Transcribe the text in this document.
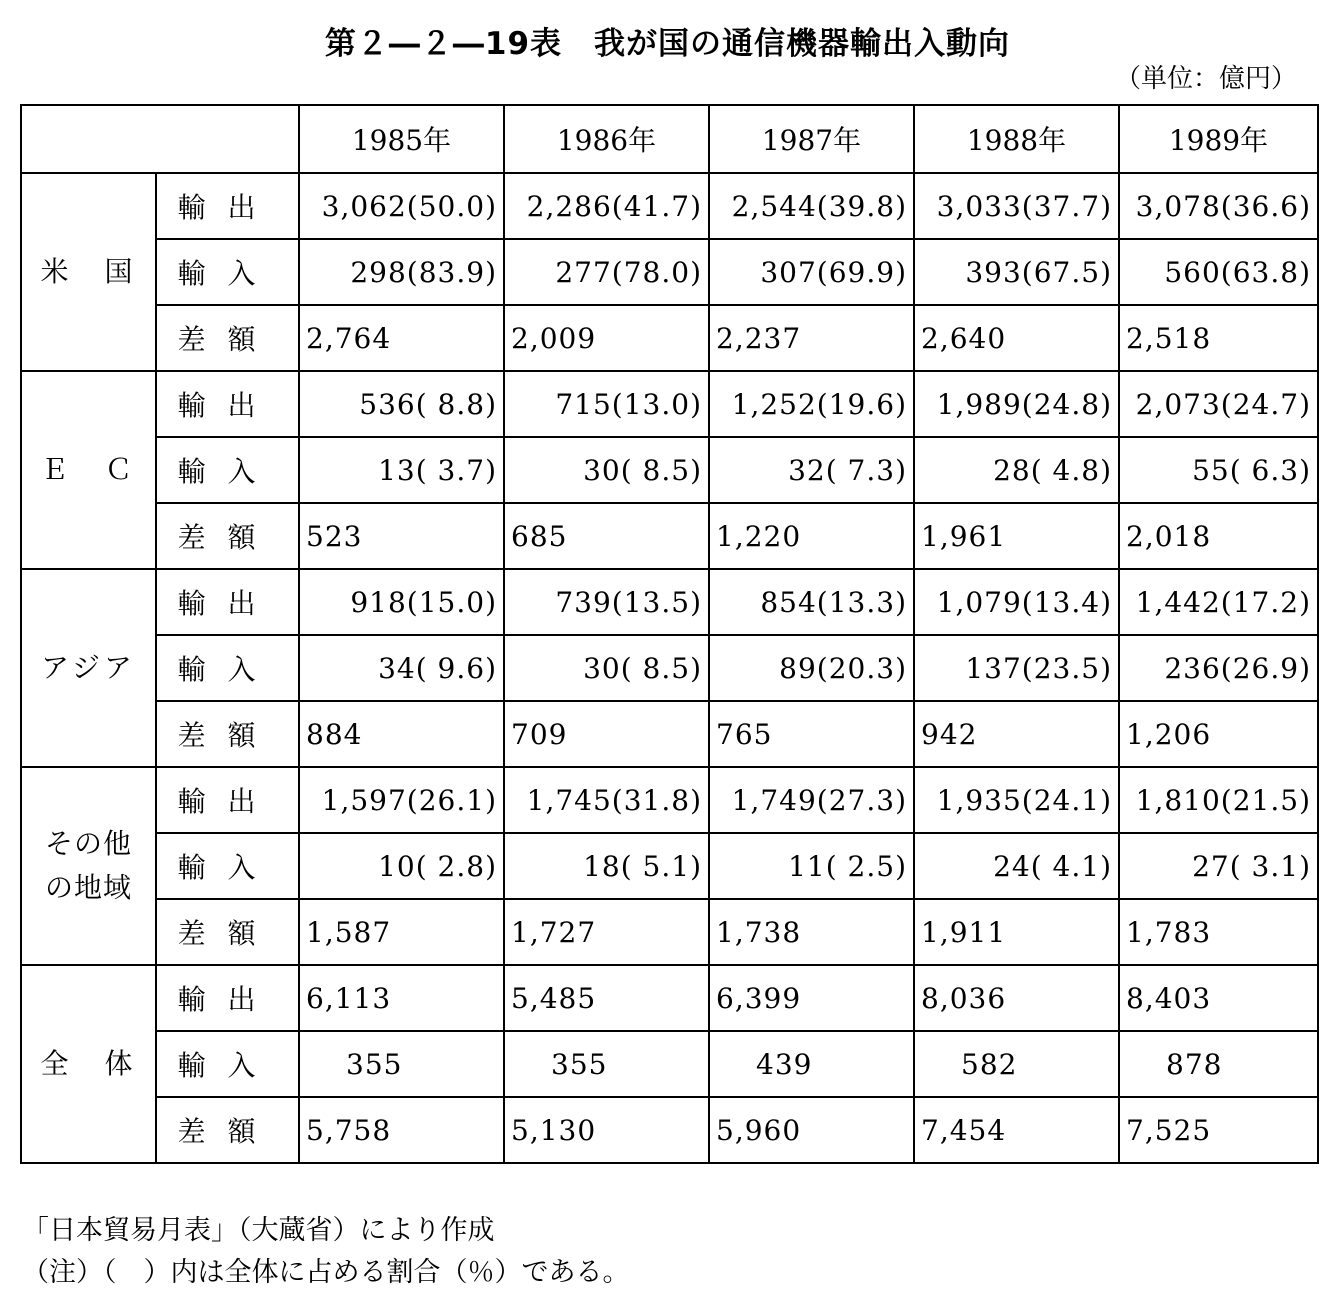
第２―２―19表　我が国の通信機器輸出入動向
（単位：億円）
		1985年	1986年	1987年	1988年	1989年
米　国	輸出	3,062(50.0)	2,286(41.7)	2,544(39.8)	3,033(37.7)	3,078(36.6)
	輸入	298(83.9)	277(78.0)	307(69.9)	393(67.5)	560(63.8)
	差額	2,764	2,009	2,237	2,640	2,518
Ｅ　Ｃ	輸出	536( 8.8)	715(13.0)	1,252(19.6)	1,989(24.8)	2,073(24.7)
	輸入	13( 3.7)	30( 8.5)	32( 7.3)	28( 4.8)	55( 6.3)
	差額	523	685	1,220	1,961	2,018
アジア	輸出	918(15.0)	739(13.5)	854(13.3)	1,079(13.4)	1,442(17.2)
	輸入	34( 9.6)	30( 8.5)	89(20.3)	137(23.5)	236(26.9)
	差額	884	709	765	942	1,206
その他の地域	輸出	1,597(26.1)	1,745(31.8)	1,749(27.3)	1,935(24.1)	1,810(21.5)
	輸入	10( 2.8)	18( 5.1)	11( 2.5)	24( 4.1)	27( 3.1)
	差額	1,587	1,727	1,738	1,911	1,783
全　体	輸出	6,113	5,485	6,399	8,036	8,403
	輸入	355	355	439	582	878
	差額	5,758	5,130	5,960	7,454	7,525
「日本貿易月表」（大蔵省）により作成
（注）（　）内は全体に占める割合（％）である。
